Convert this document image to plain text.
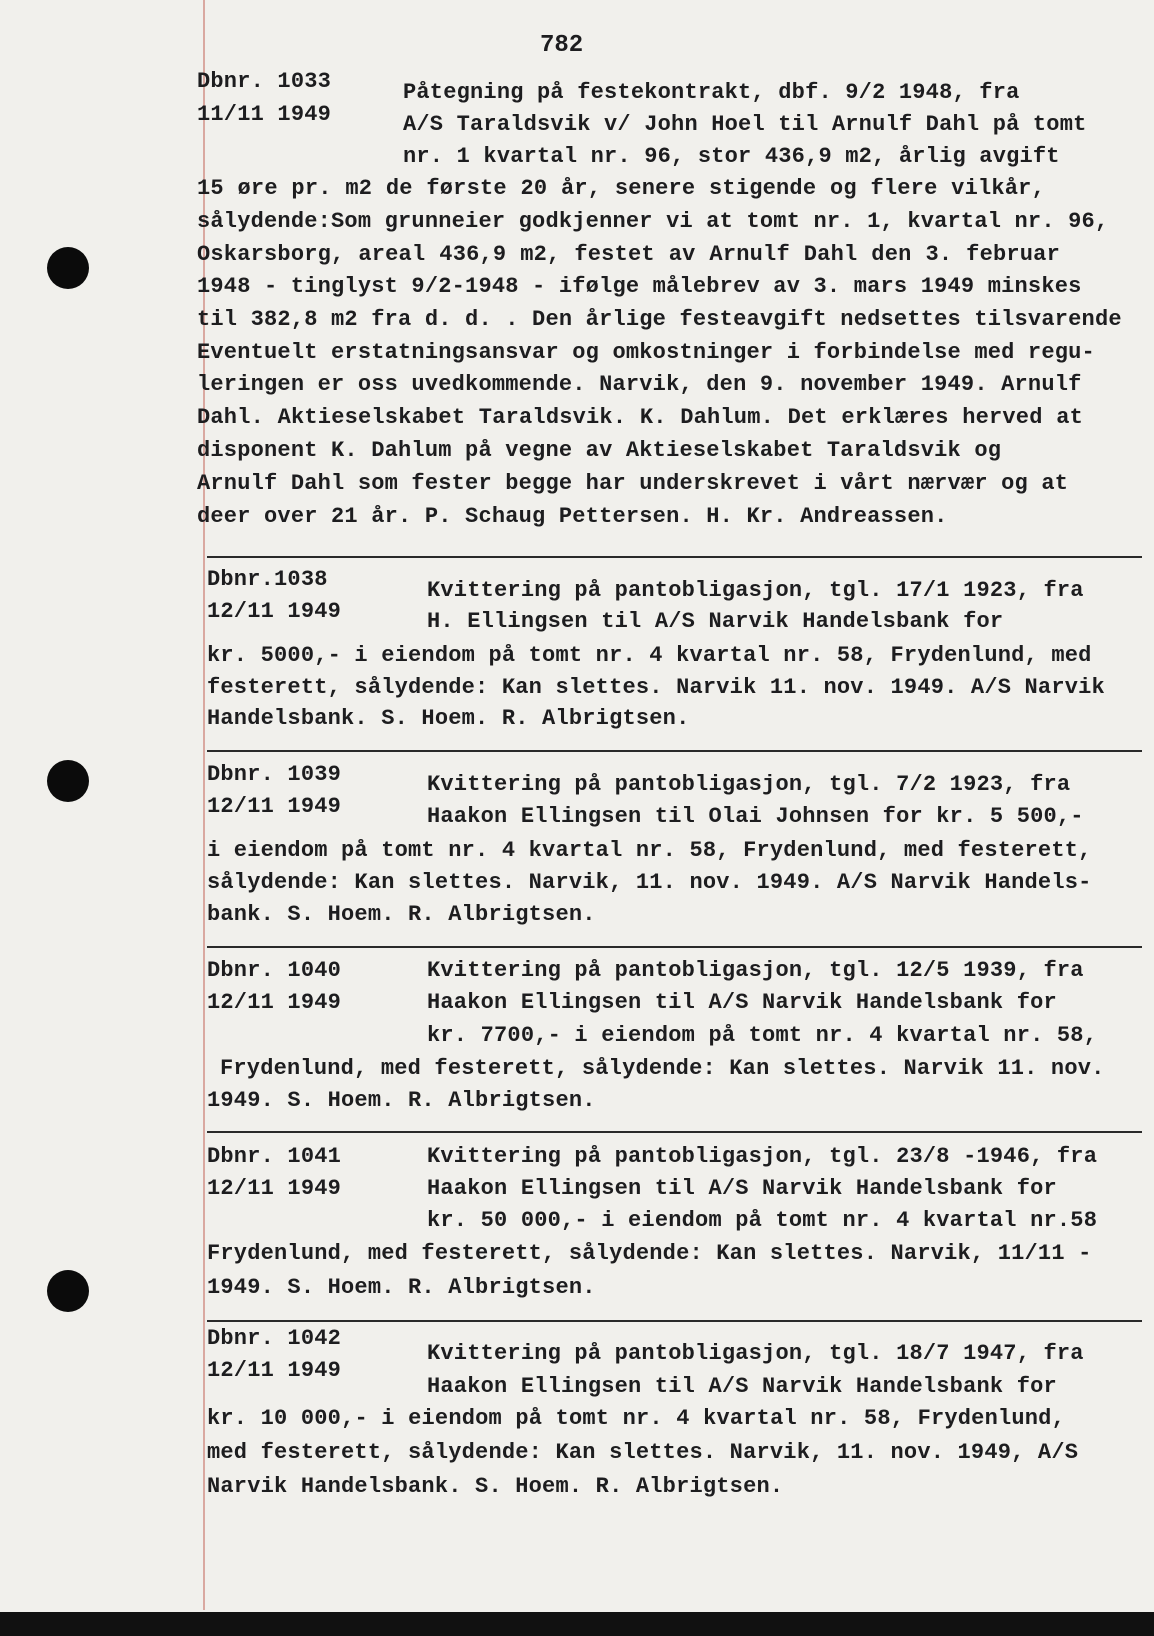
782
Dbnr. 1033
11/11 1949
Påtegning på festekontrakt, dbf. 9/2 1948, fra
A/S Taraldsvik v/ John Hoel til Arnulf Dahl på tomt
nr. 1 kvartal nr. 96, stor 436,9 m2, årlig avgift
15 øre pr. m2 de første 20 år, senere stigende og flere vilkår,
sålydende:Som grunneier godkjenner vi at tomt nr. 1, kvartal nr. 96,
Oskarsborg, areal 436,9 m2, festet av Arnulf Dahl den 3. februar
1948 - tinglyst 9/2-1948 - ifølge målebrev av 3. mars 1949 minskes
til 382,8 m2 fra d. d. . Den årlige festeavgift nedsettes tilsvarende
Eventuelt erstatningsansvar og omkostninger i forbindelse med regu-
leringen er oss uvedkommende. Narvik, den 9. november 1949. Arnulf
Dahl. Aktieselskabet Taraldsvik. K. Dahlum. Det erklæres herved at
disponent K. Dahlum på vegne av Aktieselskabet Taraldsvik og
Arnulf Dahl som fester begge har underskrevet i vårt nærvær og at
deer over 21 år. P. Schaug Pettersen. H. Kr. Andreassen.
Dbnr.1038
12/11 1949
Kvittering på pantobligasjon, tgl. 17/1 1923, fra
H. Ellingsen til A/S Narvik Handelsbank for
kr. 5000,- i eiendom på tomt nr. 4 kvartal nr. 58, Frydenlund, med
festerett, sålydende: Kan slettes. Narvik 11. nov. 1949. A/S Narvik
Handelsbank. S. Hoem. R. Albrigtsen.
Dbnr. 1039
12/11 1949
Kvittering på pantobligasjon, tgl. 7/2 1923, fra
Haakon Ellingsen til Olai Johnsen for kr. 5 500,-
i eiendom på tomt nr. 4 kvartal nr. 58, Frydenlund, med festerett,
sålydende: Kan slettes. Narvik, 11. nov. 1949. A/S Narvik Handels-
bank. S. Hoem. R. Albrigtsen.
Dbnr. 1040
12/11 1949
Kvittering på pantobligasjon, tgl. 12/5 1939, fra
Haakon Ellingsen til A/S Narvik Handelsbank for
kr. 7700,- i eiendom på tomt nr. 4 kvartal nr. 58,
Frydenlund, med festerett, sålydende: Kan slettes. Narvik 11. nov.
1949. S. Hoem. R. Albrigtsen.
Dbnr. 1041
12/11 1949
Kvittering på pantobligasjon, tgl. 23/8 -1946, fra
Haakon Ellingsen til A/S Narvik Handelsbank for
kr. 50 000,- i eiendom på tomt nr. 4 kvartal nr.58
Frydenlund, med festerett, sålydende: Kan slettes. Narvik, 11/11 -
1949. S. Hoem. R. Albrigtsen.
Dbnr. 1042
12/11 1949
Kvittering på pantobligasjon, tgl. 18/7 1947, fra
Haakon Ellingsen til A/S Narvik Handelsbank for
kr. 10 000,- i eiendom på tomt nr. 4 kvartal nr. 58, Frydenlund,
med festerett, sålydende: Kan slettes. Narvik, 11. nov. 1949, A/S
Narvik Handelsbank. S. Hoem. R. Albrigtsen.
